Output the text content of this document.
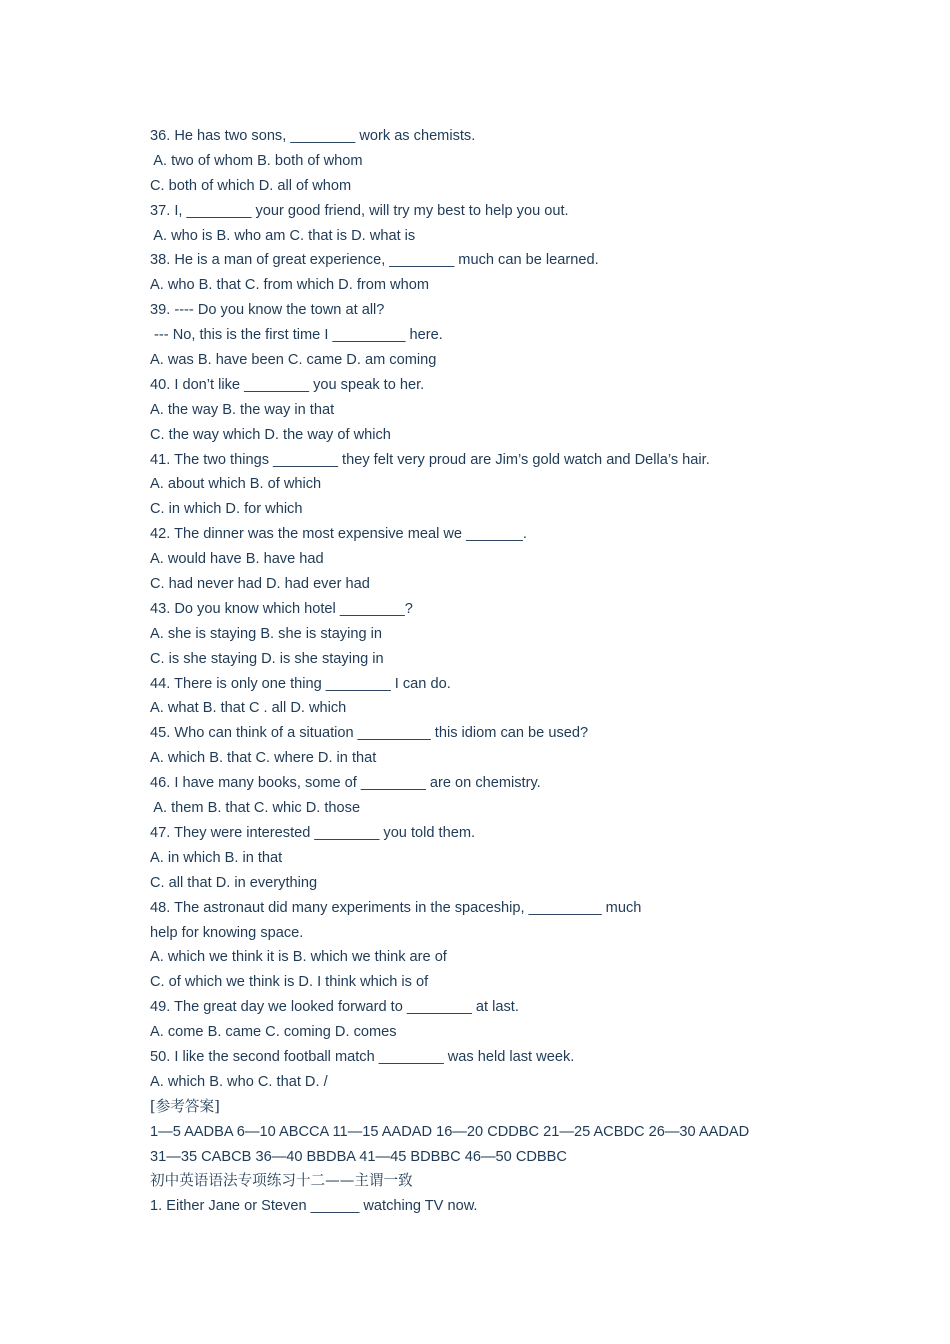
36. He has two sons, ________ work as chemists.
A. two of whom B. both of whom
C. both of which D. all of whom
37. I, ________ your good friend, will try my best to help you out.
A. who is B. who am C. that is D. what is
38. He is a man of great experience, ________ much can be learned.
A. who B. that C. from which D. from whom
39. ---- Do you know the town at all?
--- No, this is the first time I _________ here.
A. was B. have been C. came D. am coming
40. I don’t like ________ you speak to her.
A. the way B. the way in that
C. the way which D. the way of which
41. The two things ________ they felt very proud are Jim’s gold watch and Della’s hair.
A. about which B. of which
C. in which D. for which
42. The dinner was the most expensive meal we _______.
A. would have B. have had
C. had never had D. had ever had
43. Do you know which hotel ________?
A. she is staying B. she is staying in
C. is she staying D. is she staying in
44. There is only one thing ________ I can do.
A. what B. that C . all D. which
45. Who can think of a situation _________ this idiom can be used?
A. which B. that C. where D. in that
46. I have many books, some of ________ are on chemistry.
A. them B. that C. whic D. those
47. They were interested ________ you told them.
A. in which B. in that
C. all that D. in everything
48. The astronaut did many experiments in the spaceship, _________ much
help for knowing space.
A. which we think it is B. which we think are of
C. of which we think is D. I think which is of
49. The great day we looked forward to ________ at last.
A. come B. came C. coming D. comes
50. I like the second football match ________ was held last week.
A. which B. who C. that D. /
[参考答案]
1—5 AADBA 6—10 ABCCA 11—15 AADAD 16—20 CDDBC 21—25 ACBDC 26—30 AADAD
31—35 CABCB 36—40 BBDBA 41—45 BDBBC 46—50 CDBBC
初中英语语法专项练习十二——主谓一致
1. Either Jane or Steven ______ watching TV now.
